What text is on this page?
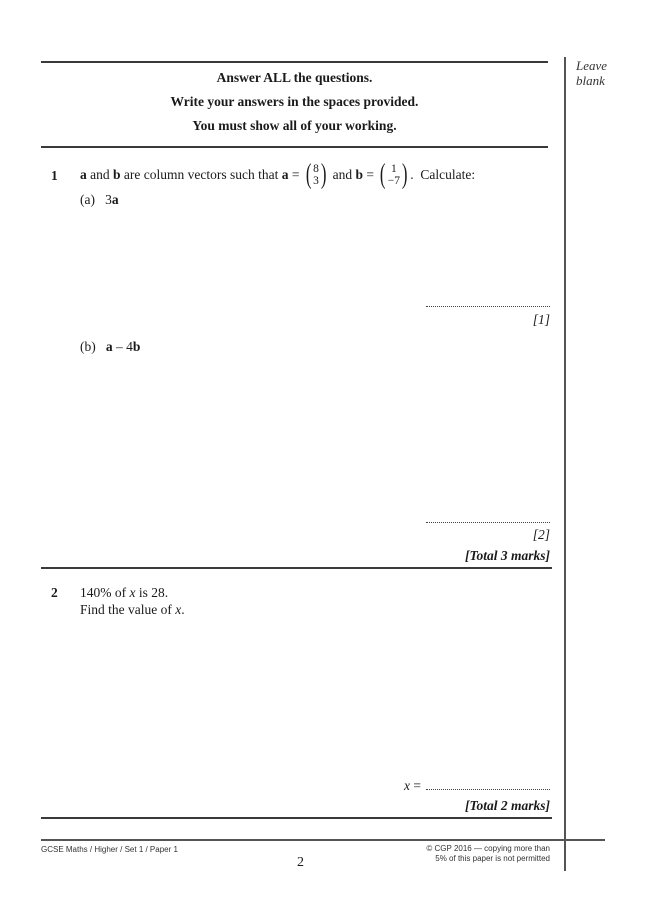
Leave
blank
Answer ALL the questions.
Write your answers in the spaces provided.
You must show all of your working.
1 a and b are column vectors such that a = ( 8
3 ) and b = ( 1
−7 ) .  Calculate:
(a) 3a
[1]
(b) a – 4b
[2]
[Total 3 marks]
2 140% of x is 28.
Find the value of x.
x =
[Total 2 marks]
GCSE Maths / Higher / Set 1 / Paper 1
2
© CGP 2016 — copying more than
5% of this paper is not permitted
